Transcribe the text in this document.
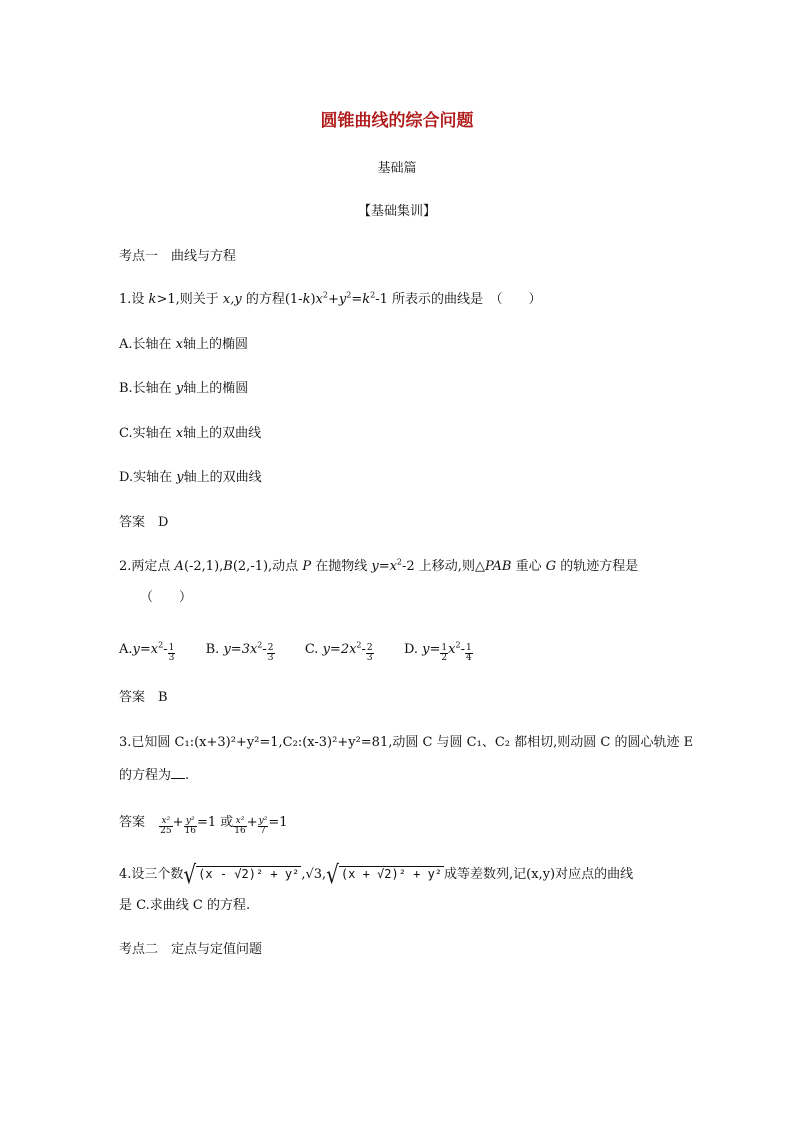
圆锥曲线的综合问题
基础篇
【基础集训】
考点一　曲线与方程
1.设 k>1,则关于 x,y 的方程$(1-k)x^2+y^2=k^2-1$ 所表示的曲线是　（　　）
A.长轴在 x轴上的椭圆
B.长轴在 y轴上的椭圆
C.实轴在 x轴上的双曲线
D.实轴在 y轴上的双曲线
答案　 D
2.两定点 A(-2,1),B(2,-1),动点 P 在抛物线 $y=x^2-2$ 上移动,则△PAB 重心 G 的轨迹方程是
（　　）
$A.y=x^2- \frac{1}{3} B$. $y=3x^2- \frac{2}{3} C$. $y=2x^2- \frac{2}{3} D$. $y= \frac{1}{2} x^2- \frac{1}{4}$
答案　 B
3.已知圆 C₁:(x+3)²+y²=1,C₂:(x-3)²+y²=81,动圆 C 与圆 C₁、C₂ 都相切,则动圆 C 的圆心轨迹 E
的方程为 .
答案 $\frac{\text{x²}}{25} + \frac{\text{y²}}{16} =1$ 或 $\frac{\text{x²}}{16} + \frac{\text{y²}}{7} =1$
4.设三个数√ (x - √2)² + y² ,√3,√ (x + √2)² + y² 成等差数列,记(x,y)对应点的曲线
是 C.求曲线 C 的方程.
考点二　定点与定值问题
